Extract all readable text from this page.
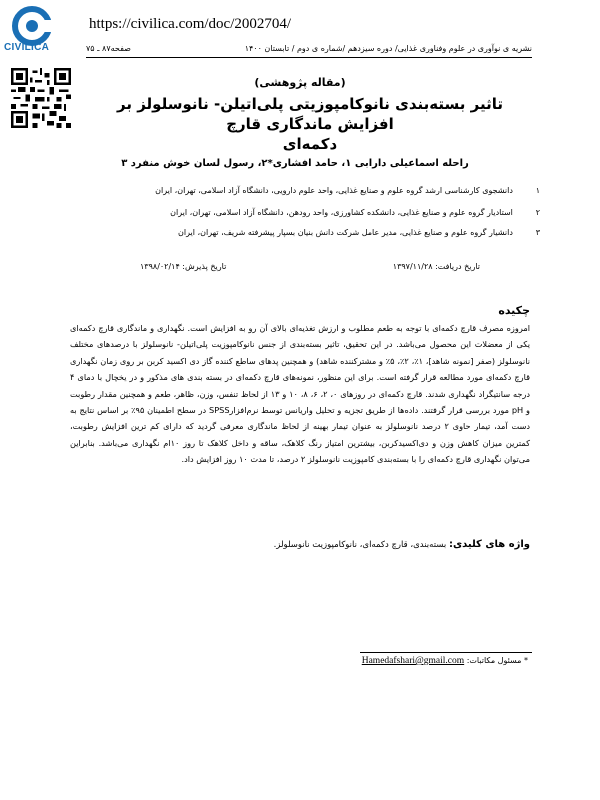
CIVILICA
https://civilica.com/doc/2002704/
نشریه ی نوآوری در علوم وفناوری غذایی/ دوره سیزدهم /شماره ی دوم / تابستان ۱۴۰۰
صفحه۸۷ ـ ۷۵
(مقاله پژوهشی)
تاثیر بسته‌بندی نانوکامپوزیتی پلی‌اتیلن- نانوسلولز بر افزایش ماندگاری قارچ
دکمه‌ای
راحله اسماعیلی دارابی ۱، حامد افشاری*۲، رسول لسان خوش منفرد ۳
۱  دانشجوی کارشناسی ارشد گروه علوم و صنایع غذایی، واحد علوم دارویی، دانشگاه آزاد اسلامی، تهران، ایران
۲  استادیار گروه علوم و صنایع غذایی، دانشکده کشاورزی، واحد رودهن، دانشگاه آزاد اسلامی، تهران، ایران
۳  دانشیار گروه علوم و صنایع غذایی، مدیر عامل شرکت دانش بنیان بسپار پیشرفته شریف، تهران، ایران
تاریخ دریافت: ۱۳۹۷/۱۱/۲۸
تاریخ پذیرش: ۱۳۹۸/۰۲/۱۴
چکیده
امروزه مصرف قارچ دکمه‌ای با توجه به طعم مطلوب و ارزش تغذیه‌ای بالای آن رو به افزایش است. نگهداری و ماندگاری قارچ دکمه‌ای یکی از معضلات این محصول می‌باشد. در این تحقیق، تاثیر بسته‌بندی از جنس نانوکامپوزیت پلی‌اتیلن- نانوسلولز با درصدهای مختلف نانوسلولز (صفر [نمونه شاهد]، ۱٪، ۲٪، ۵٪ و مشترکننده شاهد) و همچنین پدهای ساطع کننده گاز دی اکسید کربن بر روی زمان نگهداری قارچ دکمه‌ای مورد مطالعه قرار گرفته است. برای این منظور، نمونه‌های قارچ دکمه‌ای در بسته بندی های مذکور و در یخچال با دمای ۴ درجه سانتیگراد نگهداری شدند. قارچ دکمه‌ای در روزهای ۰، ۲، ۶، ۸، ۱۰ و ۱۳ از لحاظ تنفس، وزن، ظاهر، طعم و همچنین مقدار رطوبت و pH مورد بررسی قرار گرفتند. داده‌ها از طریق تجزیه و تحلیل واریانس توسط نرم‌افزارSPSS در سطح اطمینان ۹۵٪ بر اساس نتایج به دست آمد، تیمار حاوی ۲ درصد نانوسلولز به عنوان تیمار بهینه از لحاظ ماندگاری معرفی گردید که دارای کم ترین افزایش رطوبت، کمترین میزان کاهش وزن و دی‌اکسیدکربن، بیشترین امتیاز رنگ کلاهک، ساقه و داخل کلاهک تا روز ۱۰ام نگهداری می‌باشد. بنابراین می‌توان نگهداری قارچ دکمه‌ای را با بسته‌بندی کامپوزیت نانوسلولز ۲ درصد، تا مدت ۱۰ روز افزایش داد.
واژه های کلیدی: بسته‌بندی، قارچ دکمه‌ای، نانوکامپوزیت نانوسلولز.
* مسئول مکاتبات: Hamedafshari@gmail.com
